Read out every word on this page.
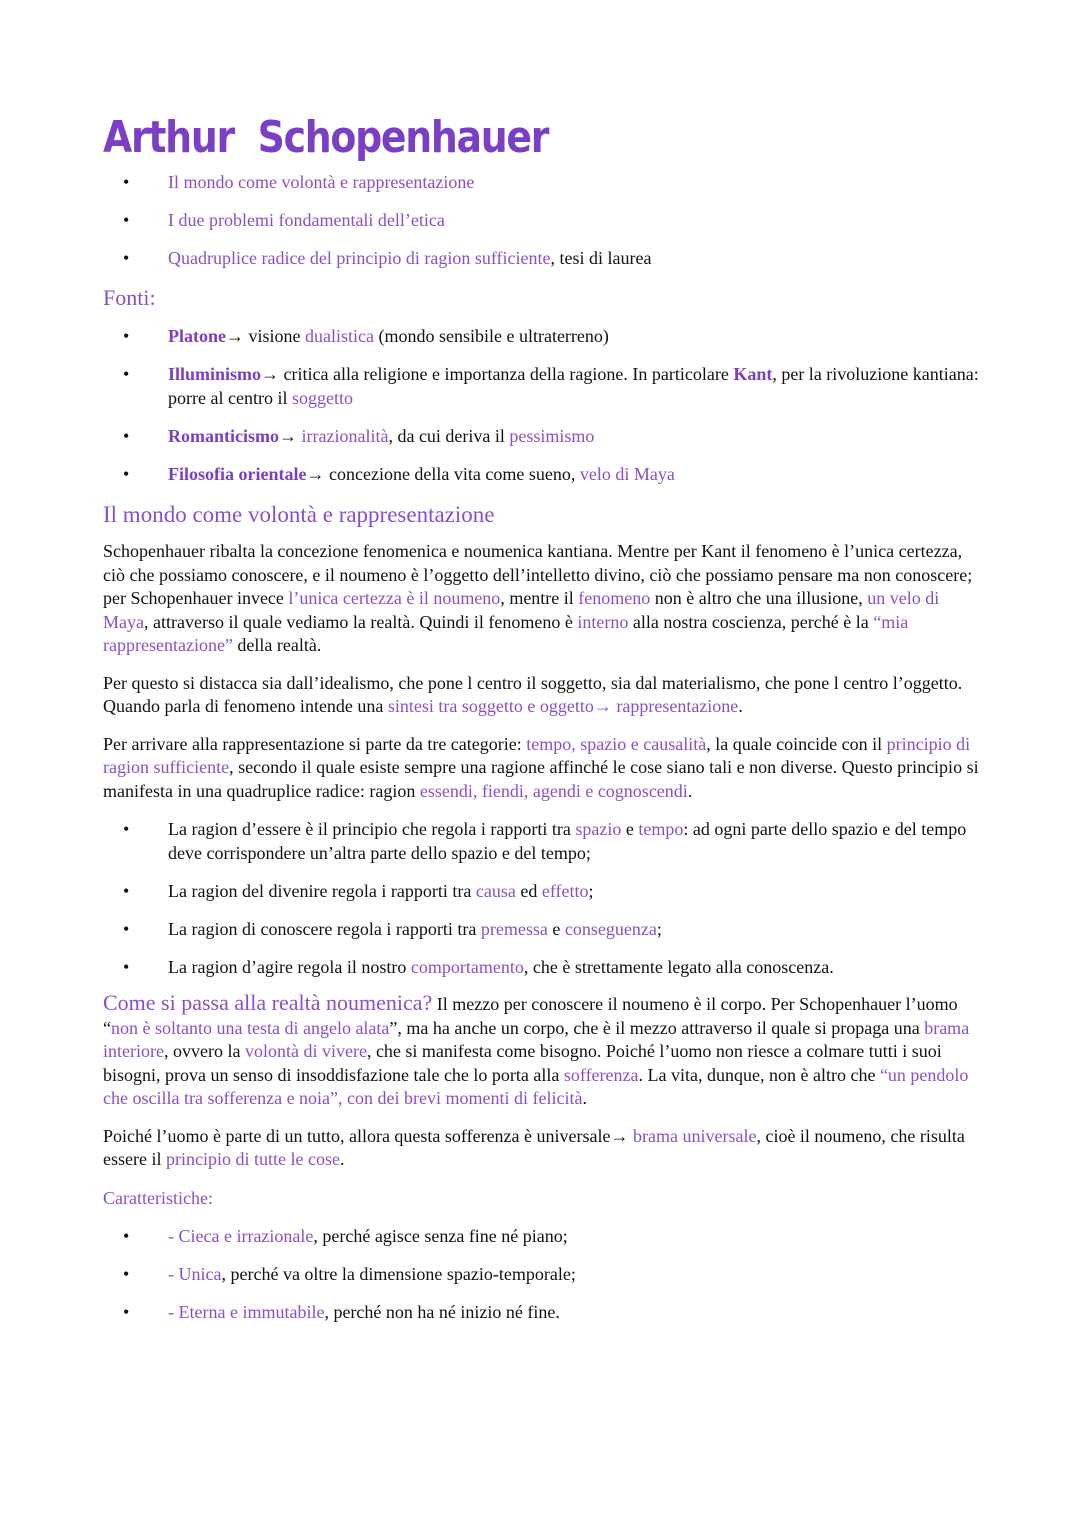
Arthur Schopenhauer
• Il mondo come volontà e rappresentazione
• I due problemi fondamentali dell’etica
• Quadruplice radice del principio di ragion sufficiente, tesi di laurea
Fonti:
• Platone→ visione dualistica (mondo sensibile e ultraterreno)
• Illuminismo→ critica alla religione e importanza della ragione. In particolare Kant, per la rivoluzione kantiana: porre al centro il soggetto
• Romanticismo→ irrazionalità, da cui deriva il pessimismo
• Filosofia orientale→ concezione della vita come sueno, velo di Maya
Il mondo come volontà e rappresentazione

Schopenhauer ribalta la concezione fenomenica e noumenica kantiana. Mentre per Kant il fenomeno è l’unica certezza, ciò che possiamo conoscere, e il noumeno è l’oggetto dell’intelletto divino, ciò che possiamo pensare ma non conoscere; per Schopenhauer invece l’unica certezza è il noumeno, mentre il fenomeno non è altro che una illusione, un velo di Maya, attraverso il quale vediamo la realtà. Quindi il fenomeno è interno alla nostra coscienza, perché è la “mia rappresentazione” della realtà.

Per questo si distacca sia dall’idealismo, che pone l centro il soggetto, sia dal materialismo, che pone l centro l’oggetto. Quando parla di fenomeno intende una sintesi tra soggetto e oggetto→ rappresentazione.

Per arrivare alla rappresentazione si parte da tre categorie: tempo, spazio e causalità, la quale coincide con il principio di ragion sufficiente, secondo il quale esiste sempre una ragione affinché le cose siano tali e non diverse. Questo principio si manifesta in una quadruplice radice: ragion essendi, fiendi, agendi e cognoscendi.

• La ragion d’essere è il principio che regola i rapporti tra spazio e tempo: ad ogni parte dello spazio e del tempo deve corrispondere un’altra parte dello spazio e del tempo;
• La ragion del divenire regola i rapporti tra causa ed effetto;
• La ragion di conoscere regola i rapporti tra premessa e conseguenza;
• La ragion d’agire regola il nostro comportamento, che è strettamente legato alla conoscenza.

Come si passa alla realtà noumenica? Il mezzo per conoscere il noumeno è il corpo. Per Schopenhauer l’uomo “non è soltanto una testa di angelo alata”, ma ha anche un corpo, che è il mezzo attraverso il quale si propaga una brama interiore, ovvero la volontà di vivere, che si manifesta come bisogno. Poiché l’uomo non riesce a colmare tutti i suoi bisogni, prova un senso di insoddisfazione tale che lo porta alla sofferenza. La vita, dunque, non è altro che “un pendolo che oscilla tra sofferenza e noia”, con dei brevi momenti di felicità.

Poiché l’uomo è parte di un tutto, allora questa sofferenza è universale→ brama universale, cioè il noumeno, che risulta essere il principio di tutte le cose.

Caratteristiche:
• - Cieca e irrazionale, perché agisce senza fine né piano;
• - Unica, perché va oltre la dimensione spazio-temporale;
• - Eterna e immutabile, perché non ha né inizio né fine.
